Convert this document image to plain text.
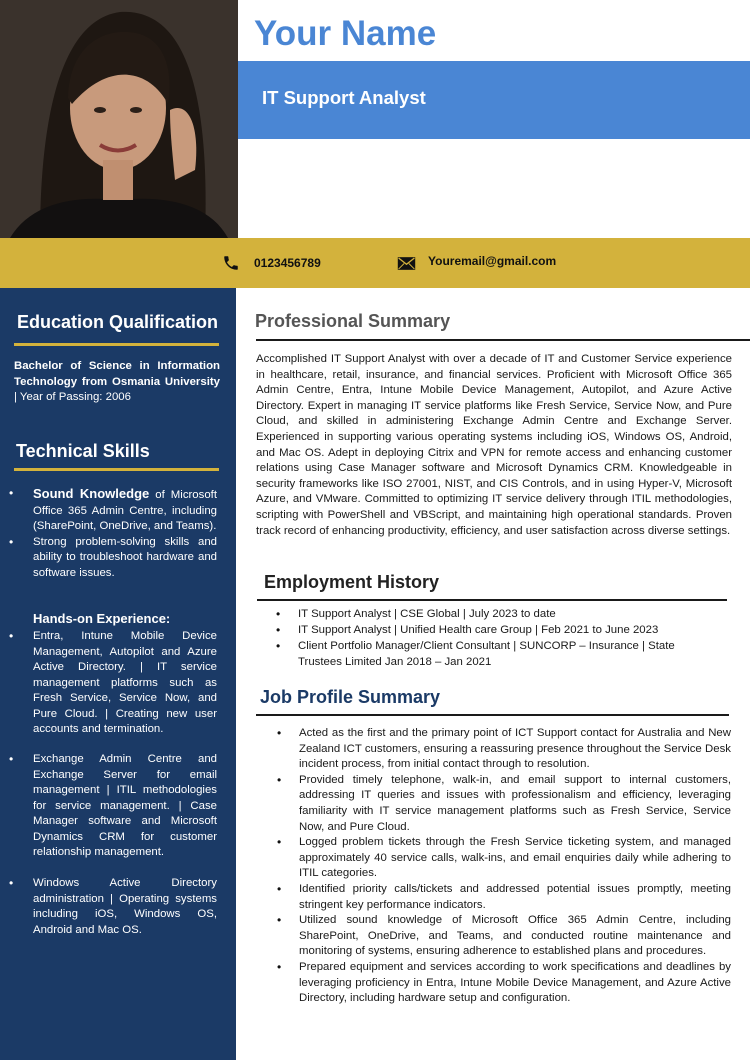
Your Name
IT Support Analyst
0123456789	Youremail@gmail.com
Education Qualification
Bachelor of Science in Information Technology from Osmania University | Year of Passing: 2006
Technical Skills
• Sound Knowledge of Microsoft Office 365 Admin Centre, including (SharePoint, OneDrive, and Teams).
• Strong problem-solving skills and ability to troubleshoot hardware and software issues.
Hands-on Experience:
• Entra, Intune Mobile Device Management, Autopilot and Azure Active Directory. | IT service management platforms such as Fresh Service, Service Now, and Pure Cloud. | Creating new user accounts and termination.
• Exchange Admin Centre and Exchange Server for email management | ITIL methodologies for service management. | Case Manager software and Microsoft Dynamics CRM for customer relationship management.
• Windows Active Directory administration | Operating systems including iOS, Windows OS, Android and Mac OS.
Professional Summary
Accomplished IT Support Analyst with over a decade of IT and Customer Service experience in healthcare, retail, insurance, and financial services. Proficient with Microsoft Office 365 Admin Centre, Entra, Intune Mobile Device Management, Autopilot, and Azure Active Directory. Expert in managing IT service platforms like Fresh Service, Service Now, and Pure Cloud, and skilled in administering Exchange Admin Centre and Exchange Server. Experienced in supporting various operating systems including iOS, Windows OS, Android, and Mac OS. Adept in deploying Citrix and VPN for remote access and enhancing customer relations using Case Manager software and Microsoft Dynamics CRM. Knowledgeable in security frameworks like ISO 27001, NIST, and CIS Controls, and in using Hyper-V, Microsoft Azure, and VMware. Committed to optimizing IT service delivery through ITIL methodologies, scripting with PowerShell and VBScript, and maintaining high operational standards. Proven track record of enhancing productivity, efficiency, and user satisfaction across diverse settings.
Employment History
• IT Support Analyst | CSE Global | July 2023 to date
• IT Support Analyst | Unified Health care Group | Feb 2021 to June 2023
• Client Portfolio Manager/Client Consultant | SUNCORP – Insurance | State Trustees Limited Jan 2018 – Jan 2021
Job Profile Summary
• Acted as the first and the primary point of ICT Support contact for Australia and New Zealand ICT customers, ensuring a reassuring presence throughout the Service Desk incident process, from initial contact through to resolution.
• Provided timely telephone, walk-in, and email support to internal customers, addressing IT queries and issues with professionalism and efficiency, leveraging familiarity with IT service management platforms such as Fresh Service, Service Now, and Pure Cloud.
• Logged problem tickets through the Fresh Service ticketing system, and managed approximately 40 service calls, walk-ins, and email enquiries daily while adhering to ITIL categories.
• Identified priority calls/tickets and addressed potential issues promptly, meeting stringent key performance indicators.
• Utilized sound knowledge of Microsoft Office 365 Admin Centre, including SharePoint, OneDrive, and Teams, and conducted routine maintenance and monitoring of systems, ensuring adherence to established plans and procedures.
• Prepared equipment and services according to work specifications and deadlines by leveraging proficiency in Entra, Intune Mobile Device Management, and Azure Active Directory, including hardware setup and configuration.
